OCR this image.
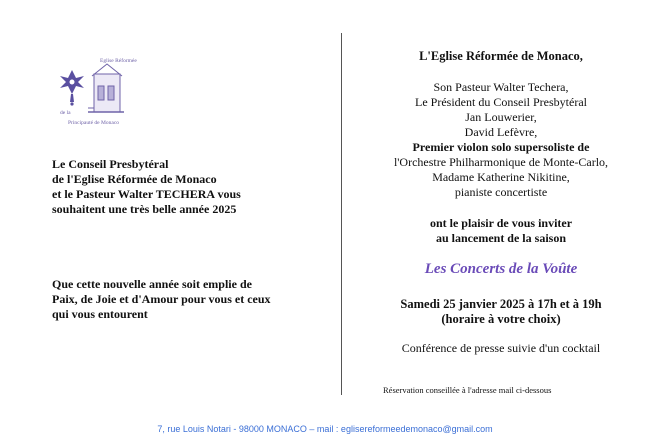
Eglise Réformée
de la
Principauté de Monaco
Le Conseil Presbytéral
de l'Eglise Réformée de Monaco
et le Pasteur Walter TECHERA vous
souhaitent une très belle année 2025
Que cette nouvelle année soit emplie de
Paix, de Joie et d'Amour pour vous et ceux
qui vous entourent
L'Eglise Réformée de Monaco,
Son Pasteur Walter Techera,
Le Président du Conseil Presbytéral
Jan Louwerier,
David Lefèvre,
Premier violon solo supersoliste de
l'Orchestre Philharmonique de Monte-Carlo,
Madame Katherine Nikitine,
pianiste concertiste
ont le plaisir de vous inviter
au lancement de la saison
Les Concerts de la Voûte
Samedi 25 janvier 2025 à 17h et à 19h
(horaire à votre choix)
Conférence de presse suivie d'un cocktail
Réservation conseillée à l'adresse mail ci-dessous
7, rue Louis Notari - 98000 MONACO – mail : eglisereformeedemonaco@gmail.com
